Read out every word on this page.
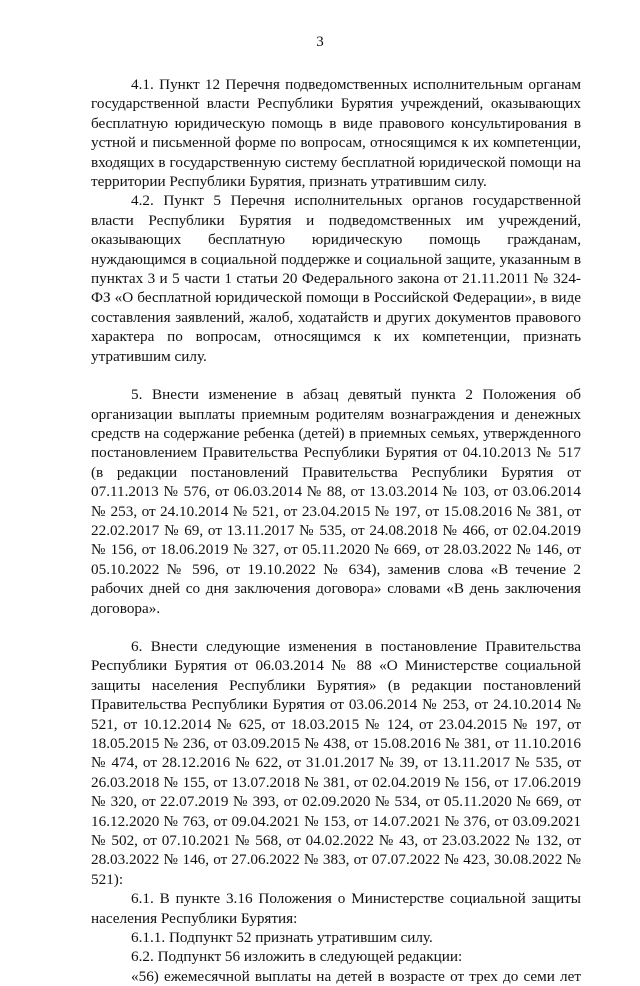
3

4.1. Пункт 12 Перечня подведомственных исполнительным органам государственной власти Республики Бурятия учреждений, оказывающих бесплатную юридическую помощь в виде правового консультирования в устной и письменной форме по вопросам, относящимся к их компетенции, входящих в государственную систему бесплатной юридической помощи на территории Республики Бурятия, признать утратившим силу.

4.2. Пункт 5 Перечня исполнительных органов государственной власти Республики Бурятия и подведомственных им учреждений, оказывающих бесплатную юридическую помощь гражданам, нуждающимся в социальной поддержке и социальной защите, указанным в пунктах 3 и 5 части 1 статьи 20 Федерального закона от 21.11.2011 № 324-ФЗ «О бесплатной юридической помощи в Российской Федерации», в виде составления заявлений, жалоб, ходатайств и других документов правового характера по вопросам, относящимся к их компетенции, признать утратившим силу.

5. Внести изменение в абзац девятый пункта 2 Положения об организации выплаты приемным родителям вознаграждения и денежных средств на содержание ребенка (детей) в приемных семьях, утвержденного постановлением Правительства Республики Бурятия от 04.10.2013 № 517 (в редакции постановлений Правительства Республики Бурятия от 07.11.2013 № 576, от 06.03.2014 № 88, от 13.03.2014 № 103, от 03.06.2014 № 253, от 24.10.2014 № 521, от 23.04.2015 № 197, от 15.08.2016 № 381, от 22.02.2017 № 69, от 13.11.2017 № 535, от 24.08.2018 № 466, от 02.04.2019 № 156, от 18.06.2019 № 327, от 05.11.2020 № 669, от 28.03.2022 № 146, от 05.10.2022 № 596, от 19.10.2022 № 634), заменив слова «В течение 2 рабочих дней со дня заключения договора» словами «В день заключения договора».

6. Внести следующие изменения в постановление Правительства Республики Бурятия от 06.03.2014 № 88 «О Министерстве социальной защиты населения Республики Бурятия» (в редакции постановлений Правительства Республики Бурятия от 03.06.2014 № 253, от 24.10.2014 № 521, от 10.12.2014 № 625, от 18.03.2015 № 124, от 23.04.2015 № 197, от 18.05.2015 № 236, от 03.09.2015 № 438, от 15.08.2016 № 381, от 11.10.2016 № 474, от 28.12.2016 № 622, от 31.01.2017 № 39, от 13.11.2017 № 535, от 26.03.2018 № 155, от 13.07.2018 № 381, от 02.04.2019 № 156, от 17.06.2019 № 320, от 22.07.2019 № 393, от 02.09.2020 № 534, от 05.11.2020 № 669, от 16.12.2020 № 763, от 09.04.2021 № 153, от 14.07.2021 № 376, от 03.09.2021 № 502, от 07.10.2021 № 568, от 04.02.2022 № 43, от 23.03.2022 № 132, от 28.03.2022 № 146, от 27.06.2022 № 383, от 07.07.2022 № 423, 30.08.2022 № 521):

6.1. В пункте 3.16 Положения о Министерстве социальной защиты населения Республики Бурятия:

6.1.1. Подпункт 52 признать утратившим силу.

6.2. Подпункт 56 изложить в следующей редакции:

«56) ежемесячной выплаты на детей в возрасте от трех до семи лет
